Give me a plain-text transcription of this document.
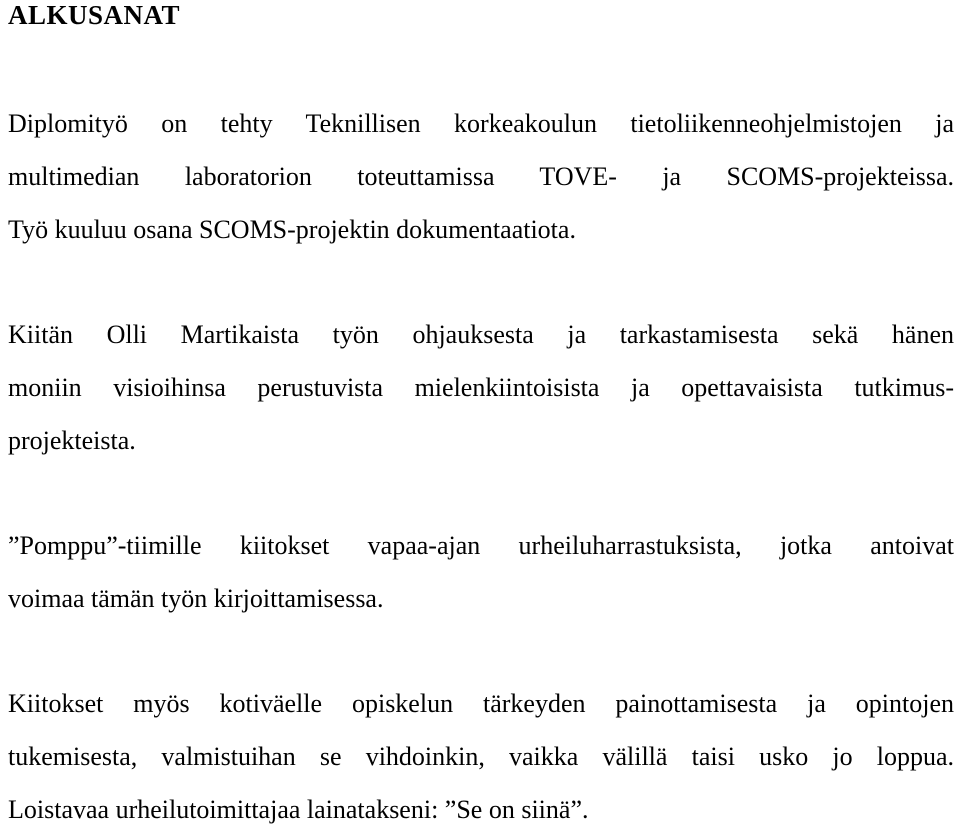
ALKUSANAT
Diplomityö on tehty Teknillisen korkeakoulun tietoliikenneohjelmistojen ja
multimedian laboratorion toteuttamissa TOVE- ja SCOMS-projekteissa.
Työ kuuluu osana SCOMS-projektin dokumentaatiota.
Kiitän Olli Martikaista työn ohjauksesta ja tarkastamisesta sekä hänen
moniin visioihinsa perustuvista mielenkiintoisista ja opettavaisista tutkimus-
projekteista.
”Pomppu”-tiimille kiitokset vapaa-ajan urheiluharrastuksista, jotka antoivat
voimaa tämän työn kirjoittamisessa.
Kiitokset myös kotiväelle opiskelun tärkeyden painottamisesta ja opintojen
tukemisesta, valmistuihan se vihdoinkin, vaikka välillä taisi usko jo loppua.
Loistavaa urheilutoimittajaa lainatakseni: ”Se on siinä”.
